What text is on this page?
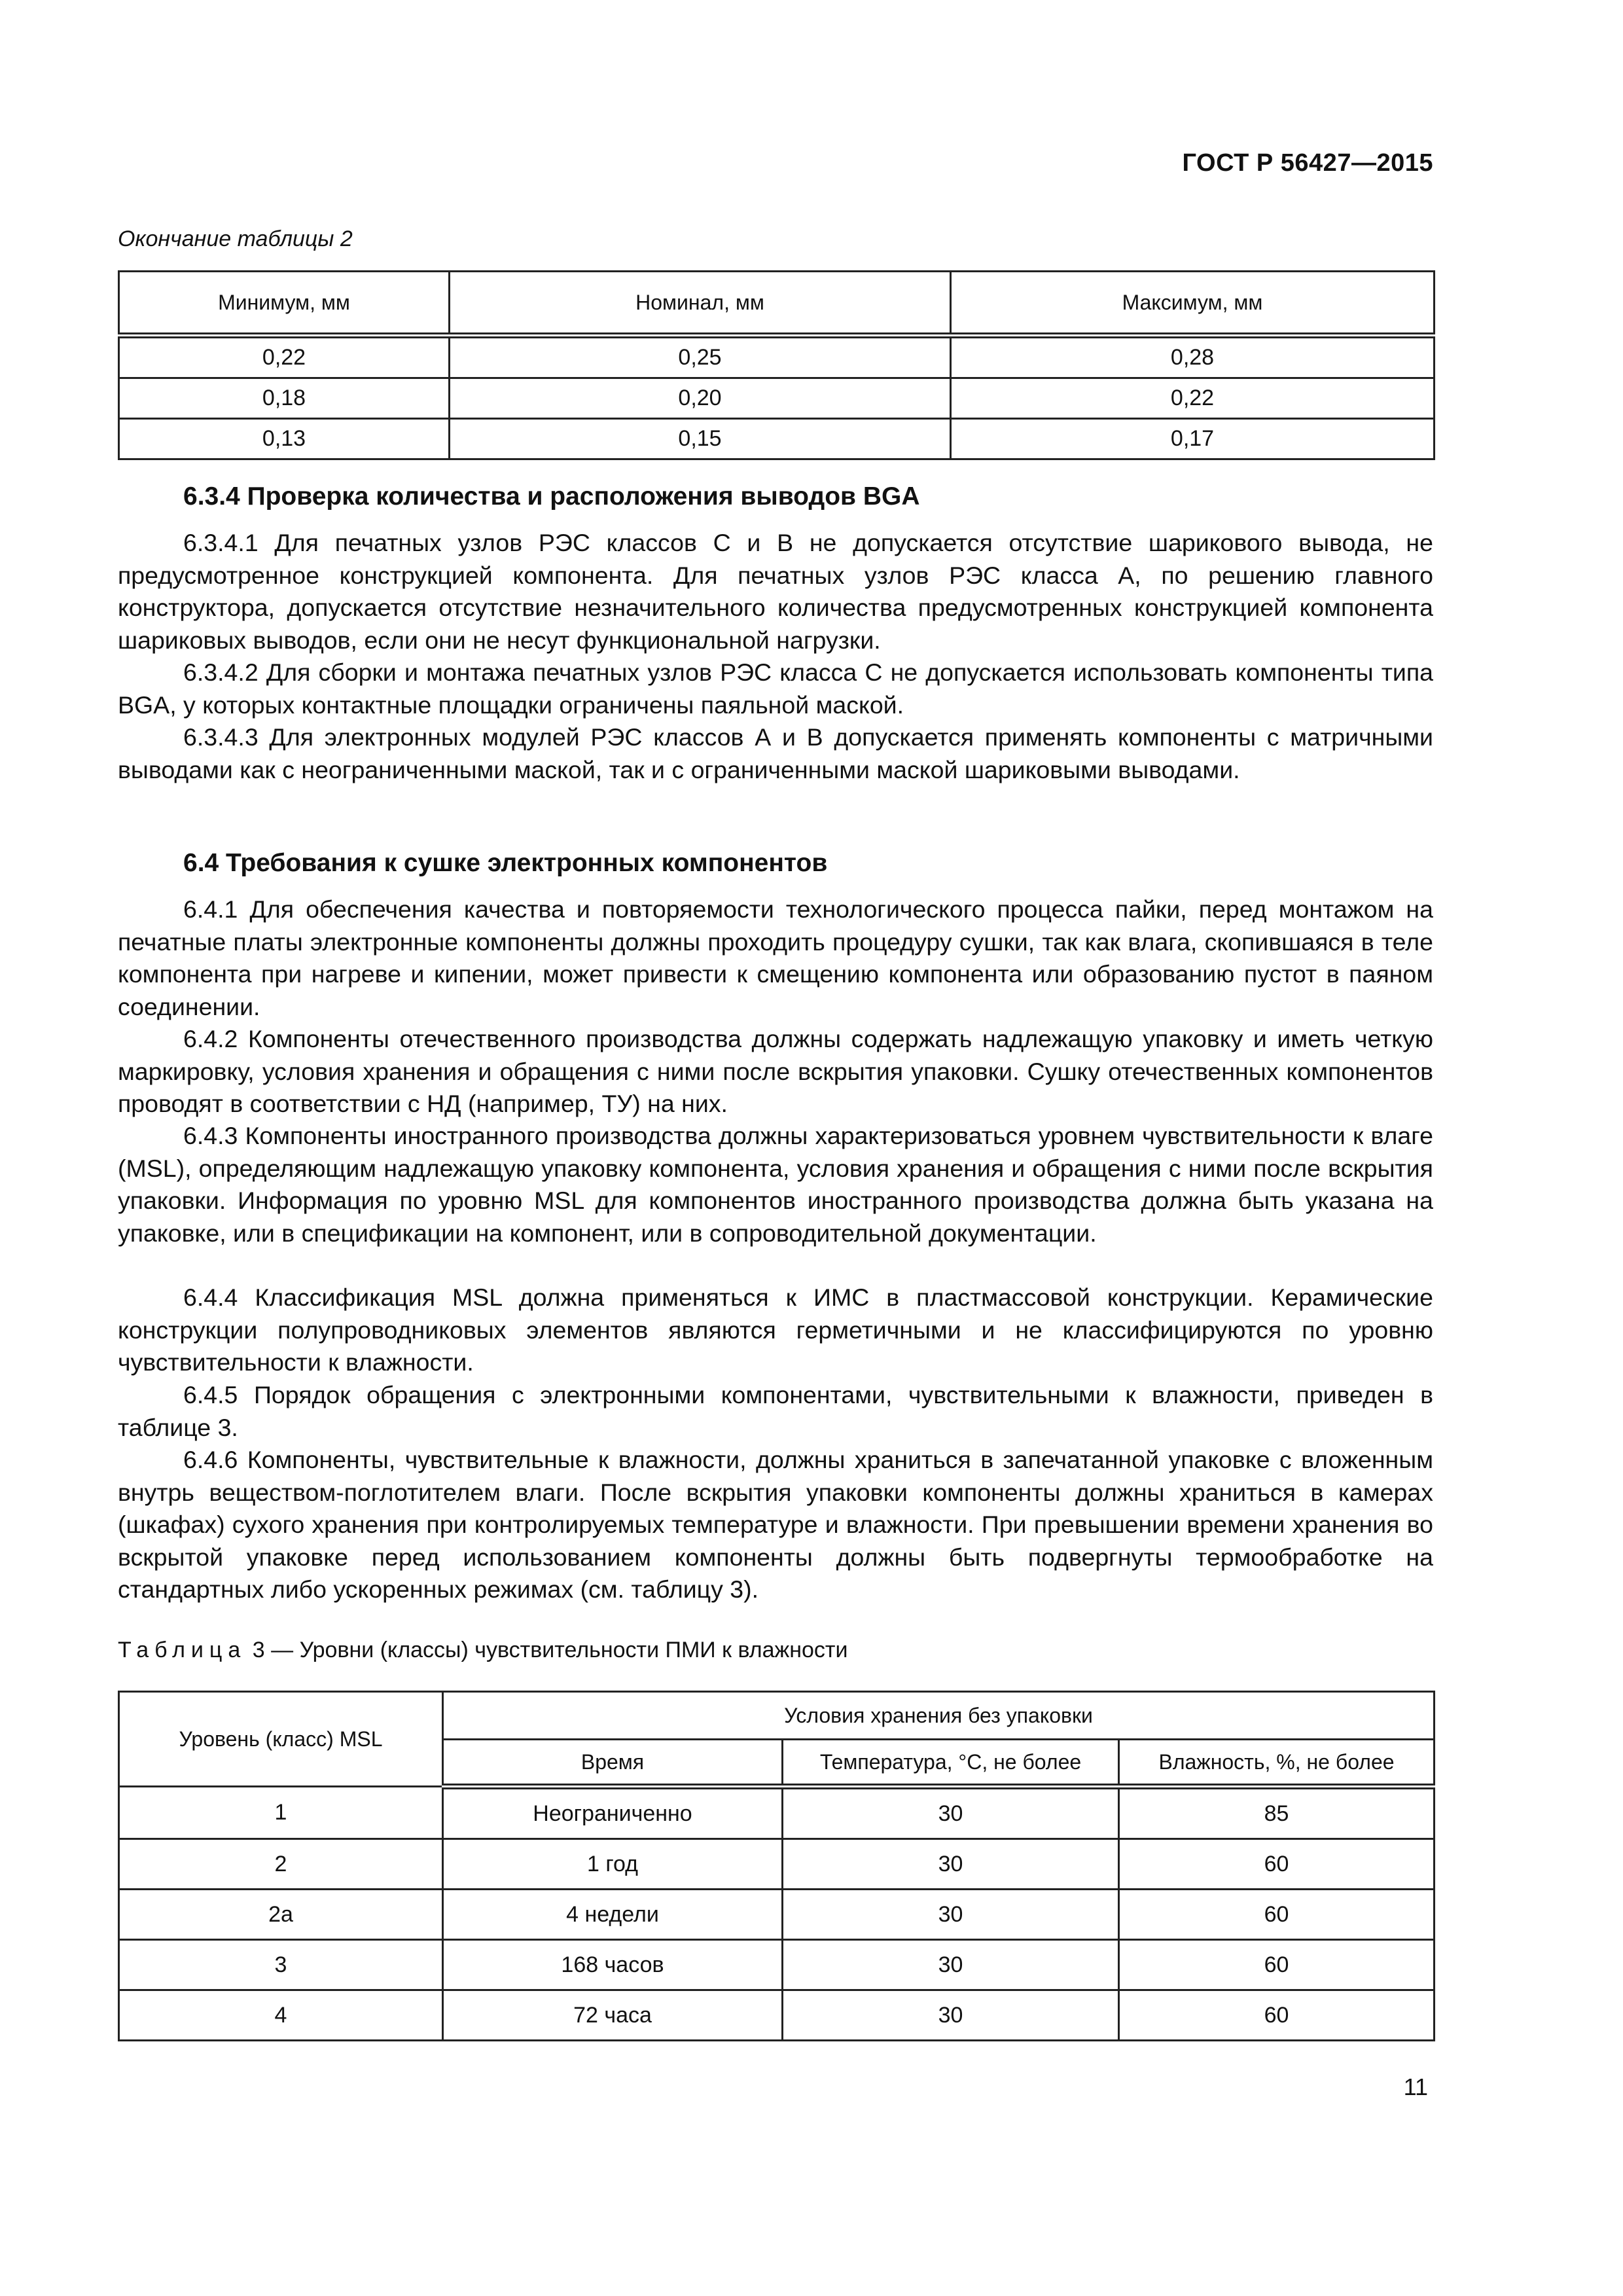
ГОСТ Р 56427—2015
Окончание таблицы 2
Минимум, мм	Номинал, мм	Максимум, мм
0,22	0,25	0,28
0,18	0,20	0,22
0,13	0,15	0,17
6.3.4 Проверка количества и расположения выводов BGA
6.3.4.1 Для печатных узлов РЭС классов С и В не допускается отсутствие шарикового вывода, не предусмотренное конструкцией компонента. Для печатных узлов РЭС класса А, по решению главного конструктора, допускается отсутствие незначительного количества предусмотренных конструкцией компонента шариковых выводов, если они не несут функциональной нагрузки.
6.3.4.2 Для сборки и монтажа печатных узлов РЭС класса С не допускается использовать компоненты типа BGA, у которых контактные площадки ограничены паяльной маской.
6.3.4.3 Для электронных модулей РЭС классов А и В допускается применять компоненты с матричными выводами как с неограниченными маской, так и с ограниченными маской шариковыми выводами.
6.4 Требования к сушке электронных компонентов
6.4.1 Для обеспечения качества и повторяемости технологического процесса пайки, перед монтажом на печатные платы электронные компоненты должны проходить процедуру сушки, так как влага, скопившаяся в теле компонента при нагреве и кипении, может привести к смещению компонента или образованию пустот в паяном соединении.
6.4.2 Компоненты отечественного производства должны содержать надлежащую упаковку и иметь четкую маркировку, условия хранения и обращения с ними после вскрытия упаковки. Сушку отечественных компонентов проводят в соответствии с НД (например, ТУ) на них.
6.4.3 Компоненты иностранного производства должны характеризоваться уровнем чувствительности к влаге (MSL), определяющим надлежащую упаковку компонента, условия хранения и обращения с ними после вскрытия упаковки. Информация по уровню MSL для компонентов иностранного производства должна быть указана на упаковке, или в спецификации на компонент, или в сопроводительной документации.
6.4.4 Классификация MSL должна применяться к ИМС в пластмассовой конструкции. Керамические конструкции полупроводниковых элементов являются герметичными и не классифицируются по уровню чувствительности к влажности.
6.4.5 Порядок обращения с электронными компонентами, чувствительными к влажности, приведен в таблице 3.
6.4.6 Компоненты, чувствительные к влажности, должны храниться в запечатанной упаковке с вложенным внутрь веществом-поглотителем влаги. После вскрытия упаковки компоненты должны храниться в камерах (шкафах) сухого хранения при контролируемых температуре и влажности. При превышении времени хранения во вскрытой упаковке перед использованием компоненты должны быть подвергнуты термообработке на стандартных либо ускоренных режимах (см. таблицу 3).
Таблица 3 — Уровни (классы) чувствительности ПМИ к влажности
Уровень (класс) MSL	Условия хранения без упаковки		
	Время	Температура, °С, не более	Влажность, %, не более
1	Неограниченно	30	85
2	1 год	30	60
2а	4 недели	30	60
3	168 часов	30	60
4	72 часа	30	60
11
